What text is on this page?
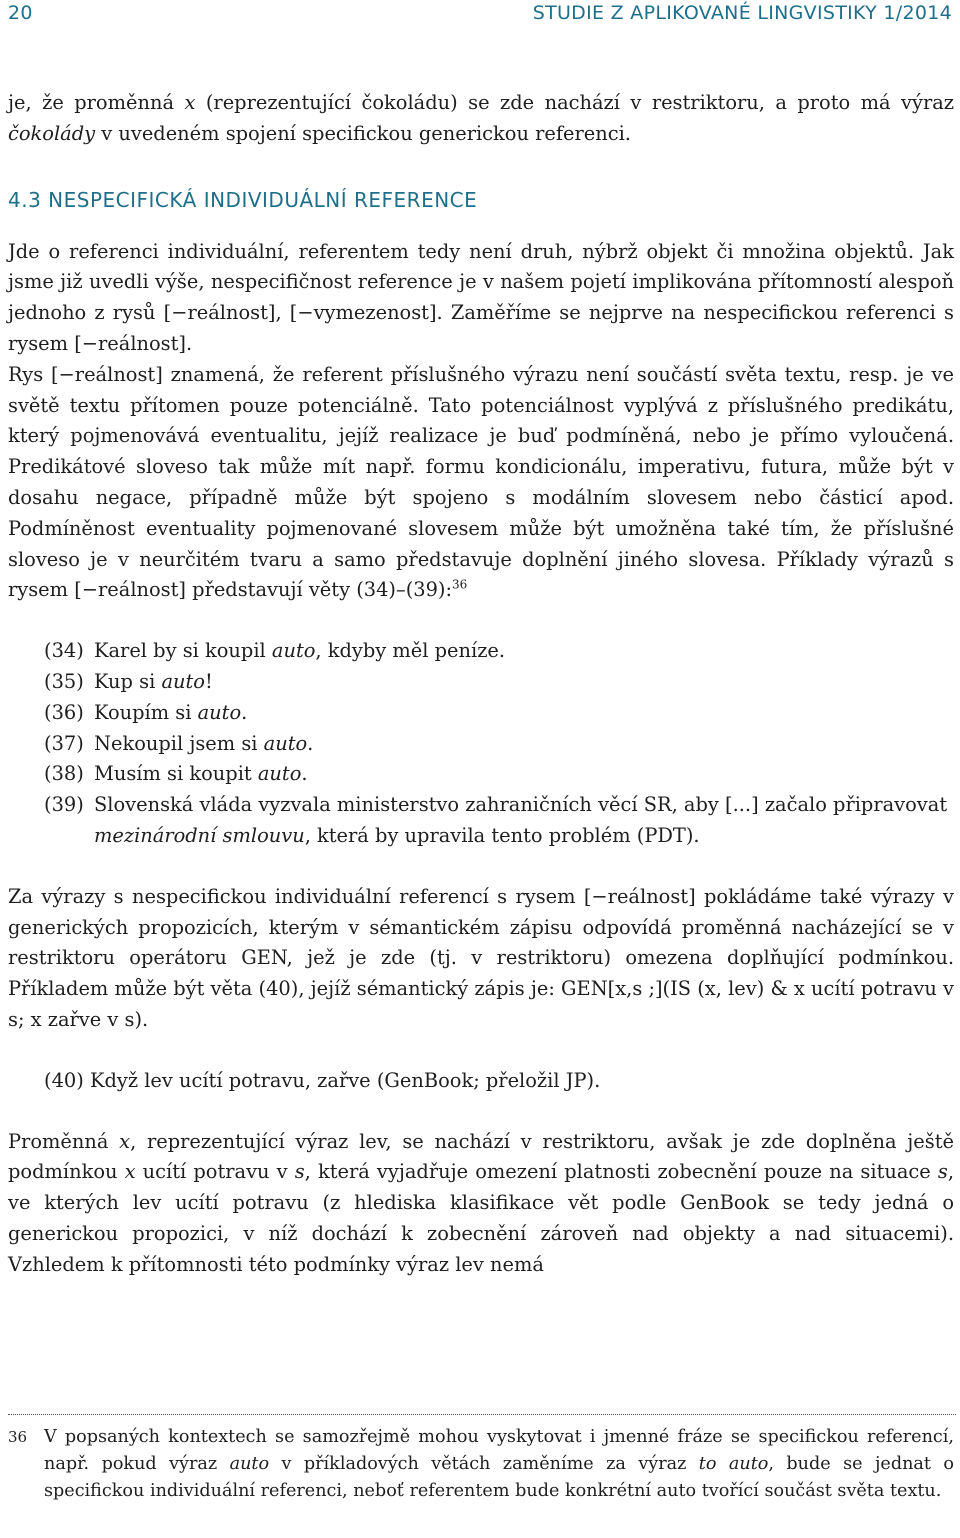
20	STUDIE Z APLIKOVANÉ LINGVISTIKY 1/2014

je, že proměnná x (reprezentující čokoládu) se zde nachází v restriktoru, a proto má výraz čokolády v uvedeném spojení specifickou generickou referenci.

4.3 NESPECIFICKÁ INDIVIDUÁLNÍ REFERENCE

Jde o referenci individuální, referentem tedy není druh, nýbrž objekt či množina objektů. Jak jsme již uvedli výše, nespecifičnost reference je v našem pojetí implikována přítomností alespoň jednoho z rysů [−reálnost], [−vymezenost]. Zaměříme se nejprve na nespecifickou referenci s rysem [−reálnost].

Rys [−reálnost] znamená, že referent příslušného výrazu není součástí světa textu, resp. je ve světě textu přítomen pouze potenciálně. Tato potenciálnost vyplývá z příslušného predikátu, který pojmenovává eventualitu, jejíž realizace je buď podmíněná, nebo je přímo vyloučená. Predikátové sloveso tak může mít např. formu kondicionálu, imperativu, futura, může být v dosahu negace, případně může být spojeno s modálním slovesem nebo částicí apod. Podmíněnost eventuality pojmenované slovesem může být umožněna také tím, že příslušné sloveso je v neurčitém tvaru a samo představuje doplnění jiného slovesa. Příklady výrazů s rysem [−reálnost] představují věty (34)–(39):$^{36}$

(34) Karel by si koupil auto, kdyby měl peníze.
(35) Kup si auto!
(36) Koupím si auto.
(37) Nekoupil jsem si auto.
(38) Musím si koupit auto.
(39) Slovenská vláda vyzvala ministerstvo zahraničních věcí SR, aby [...] začalo připravovat mezinárodní smlouvu, která by upravila tento problém (PDT).

Za výrazy s nespecifickou individuální referencí s rysem [−reálnost] pokládáme také výrazy v generických propozicích, kterým v sémantickém zápisu odpovídá proměnná nacházející se v restriktoru operátoru GEN, jež je zde (tj. v restriktoru) omezena doplňující podmínkou. Příkladem může být věta (40), jejíž sémantický zápis je: GEN[x,s ;](IS (x, lev) & x ucítí potravu v s; x zařve v s).

(40) Když lev ucítí potravu, zařve (GenBook; přeložil JP).

Proměnná x, reprezentující výraz lev, se nachází v restriktoru, avšak je zde doplněna ještě podmínkou x ucítí potravu v s, která vyjadřuje omezení platnosti zobecnění pouze na situace s, ve kterých lev ucítí potravu (z hlediska klasifikace vět podle GenBook se tedy jedná o generickou propozici, v níž dochází k zobecnění zároveň nad objekty a nad situacemi). Vzhledem k přítomnosti této podmínky výraz lev nemá

36 V popsaných kontextech se samozřejmě mohou vyskytovat i jmenné fráze se specifickou referencí, např. pokud výraz auto v příkladových větách zaměníme za výraz to auto, bude se jednat o specifickou individuální referenci, neboť referentem bude konkrétní auto tvořící součást světa textu.
